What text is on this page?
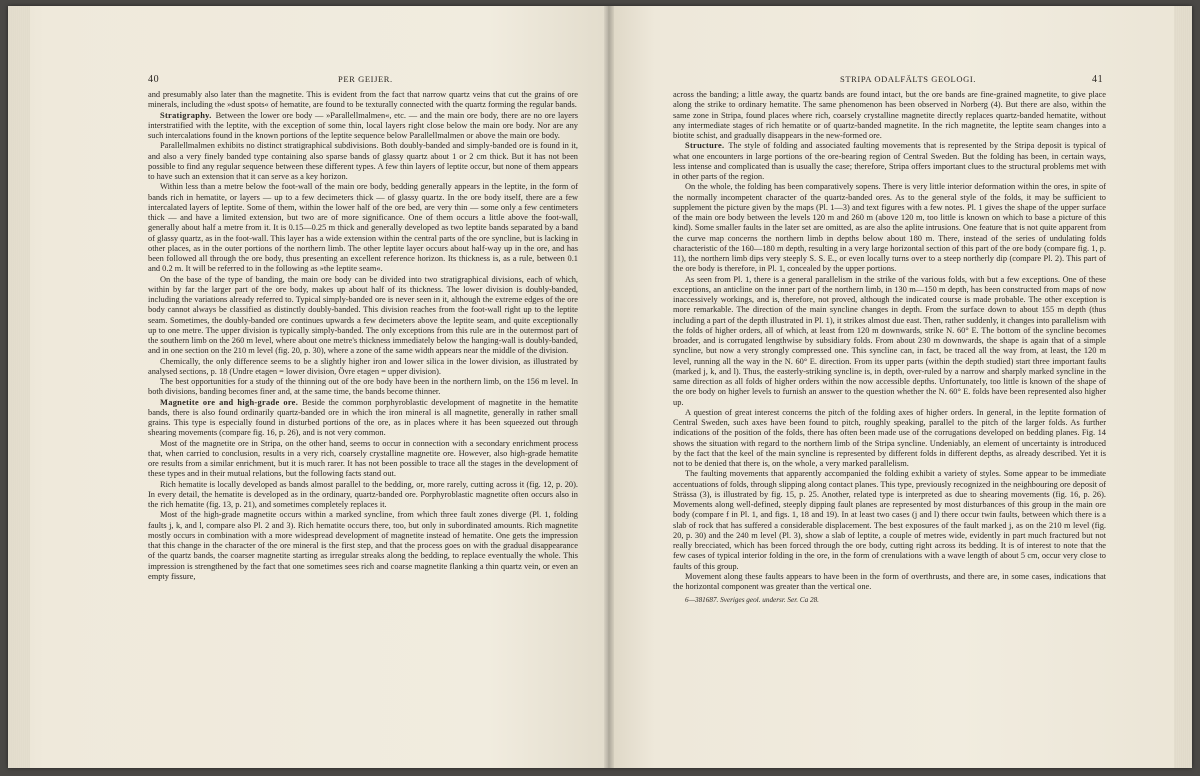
40	PER GEIJER.

and presumably also later than the magnetite. This is evident from the fact that narrow quartz veins that cut the grains of ore minerals, including the »dust spots« of hematite, are found to be texturally connected with the quartz forming the regular bands.

Stratigraphy. Between the lower ore body — »Parallellmalmen«, etc. — and the main ore body, there are no ore layers interstratified with the leptite, with the exception of some thin, local layers right close below the main ore body. Nor are any such intercalations found in the known portions of the leptite sequence below Parallellmalmen or above the main ore body.

Parallellmalmen exhibits no distinct stratigraphical subdivisions. Both doubly-banded and simply-banded ore is found in it, and also a very finely banded type containing also sparse bands of glassy quartz about 1 or 2 cm thick. But it has not been possible to find any regular sequence between these different types. A few thin layers of leptite occur, but none of them appears to have such an extension that it can serve as a key horizon.

Within less than a metre below the foot-wall of the main ore body, bedding generally appears in the leptite, in the form of bands rich in hematite, or layers — up to a few decimeters thick — of glassy quartz. In the ore body itself, there are a few intercalated layers of leptite. Some of them, within the lower half of the ore bed, are very thin — some only a few centimeters thick — and have a limited extension, but two are of more significance. One of them occurs a little above the foot-wall, generally about half a metre from it. It is 0.15—0.25 m thick and generally developed as two leptite bands separated by a band of glassy quartz, as in the foot-wall. This layer has a wide extension within the central parts of the ore syncline, but is lacking in other places, as in the outer portions of the northern limb. The other leptite layer occurs about half-way up in the ore, and has been followed all through the ore body, thus presenting an excellent reference horizon. Its thickness is, as a rule, between 0.1 and 0.2 m. It will be referred to in the following as »the leptite seam«.

On the base of the type of banding, the main ore body can be divided into two stratigraphical divisions, each of which, within by far the larger part of the ore body, makes up about half of its thickness. The lower division is doubly-banded, including the variations already referred to. Typical simply-banded ore is never seen in it, although the extreme edges of the ore body cannot always be classified as distinctly doubly-banded. This division reaches from the foot-wall right up to the leptite seam. Sometimes, the doubly-banded ore continues upwards a few decimeters above the leptite seam, and quite exceptionally up to one metre. The upper division is typically simply-banded. The only exceptions from this rule are in the outermost part of the southern limb on the 260 m level, where about one metre's thickness immediately below the hanging-wall is doubly-banded, and in one section on the 210 m level (fig. 20, p. 30), where a zone of the same width appears near the middle of the division.

Chemically, the only difference seems to be a slightly higher iron and lower silica in the lower division, as illustrated by analysed sections, p. 18 (Undre etagen = lower division, Övre etagen = upper division).

The best opportunities for a study of the thinning out of the ore body have been in the northern limb, on the 156 m level. In both divisions, banding becomes finer and, at the same time, the bands become thinner.

Magnetite ore and high-grade ore. Beside the common porphyroblastic development of magnetite in the hematite bands, there is also found ordinarily quartz-banded ore in which the iron mineral is all magnetite, generally in rather small grains. This type is especially found in disturbed portions of the ore, as in places where it has been squeezed out through shearing movements (compare fig. 16, p. 26), and is not very common.

Most of the magnetite ore in Stripa, on the other hand, seems to occur in connection with a secondary enrichment process that, when carried to conclusion, results in a very rich, coarsely crystalline magnetite ore. However, also high-grade hematite ore results from a similar enrichment, but it is much rarer. It has not been possible to trace all the stages in the development of these types and in their mutual relations, but the following facts stand out.

Rich hematite is locally developed as bands almost parallel to the bedding, or, more rarely, cutting across it (fig. 12, p. 20). In every detail, the hematite is developed as in the ordinary, quartz-banded ore. Porphyroblastic magnetite often occurs also in the rich hematite (fig. 13, p. 21), and sometimes completely replaces it.

Most of the high-grade magnetite occurs within a marked syncline, from which three fault zones diverge (Pl. 1, folding faults j, k, and l, compare also Pl. 2 and 3). Rich hematite occurs there, too, but only in subordinated amounts. Rich magnetite mostly occurs in combination with a more widespread development of magnetite instead of hematite. One gets the impression that this change in the character of the ore mineral is the first step, and that the process goes on with the gradual disappearance of the quartz bands, the coarser magnetite starting as irregular streaks along the bedding, to replace eventually the whole. This impression is strengthened by the fact that one sometimes sees rich and coarse magnetite flanking a thin quartz vein, or even an empty fissure,

STRIPA ODALFÄLTS GEOLOGI.	41

across the banding; a little away, the quartz bands are found intact, but the ore bands are fine-grained magnetite, to give place along the strike to ordinary hematite. The same phenomenon has been observed in Norberg (4). But there are also, within the same zone in Stripa, found places where rich, coarsely crystalline magnetite directly replaces quartz-banded hematite, without any intermediate stages of rich hematite or of quartz-banded magnetite. In the rich magnetite, the leptite seam changes into a biotite schist, and gradually disappears in the new-formed ore.

Structure. The style of folding and associated faulting movements that is represented by the Stripa deposit is typical of what one encounters in large portions of the ore-bearing region of Central Sweden. But the folding has been, in certain ways, less intense and complicated than is usually the case; therefore, Stripa offers important clues to the structural problems met with in other parts of the region.

On the whole, the folding has been comparatively sopens. There is very little interior deformation within the ores, in spite of the normally incompetent character of the quartz-banded ores. As to the general style of the folds, it may be sufficient to supplement the picture given by the maps (Pl. 1—3) and text figures with a few notes. Pl. 1 gives the shape of the upper surface of the main ore body between the levels 120 m and 260 m (above 120 m, too little is known on which to base a picture of this kind). Some smaller faults in the later set are omitted, as are also the aplite intrusions. One feature that is not quite apparent from the curve map concerns the northern limb in depths below about 180 m. There, instead of the series of undulating folds characteristic of the 160—180 m depth, resulting in a very large horizontal section of this part of the ore body (compare fig. 1, p. 11), the northern limb dips very steeply S. S. E., or even locally turns over to a steep northerly dip (compare Pl. 2). This part of the ore body is therefore, in Pl. 1, concealed by the upper portions.

As seen from Pl. 1, there is a general parallelism in the strike of the various folds, with but a few exceptions. One of these exceptions, an anticline on the inner part of the northern limb, in 130 m—150 m depth, has been constructed from maps of now inaccessively workings, and is, therefore, not proved, although the indicated course is made probable. The other exception is more remarkable. The direction of the main syncline changes in depth. From the surface down to about 155 m depth (thus including a part of the depth illustrated in Pl. 1), it strikes almost due east. Then, rather suddenly, it changes into parallelism with the folds of higher orders, all of which, at least from 120 m downwards, strike N. 60° E. The bottom of the syncline becomes broader, and is corrugated lengthwise by subsidiary folds. From about 230 m downwards, the shape is again that of a simple syncline, but now a very strongly compressed one. This syncline can, in fact, be traced all the way from, at least, the 120 m level, running all the way in the N. 60° E. direction. From its upper parts (within the depth studied) start three important faults (marked j, k, and l). Thus, the easterly-striking syncline is, in depth, over-ruled by a narrow and sharply marked syncline in the same direction as all folds of higher orders within the now accessible depths. Unfortunately, too little is known of the shape of the ore body on higher levels to furnish an answer to the question whether the N. 60° E. folds have been represented also higher up.

A question of great interest concerns the pitch of the folding axes of higher orders. In general, in the leptite formation of Central Sweden, such axes have been found to pitch, roughly speaking, parallel to the pitch of the larger folds. As further indications of the position of the folds, there has often been made use of the corrugations developed on bedding planes. Fig. 14 shows the situation with regard to the northern limb of the Stripa syncline. Undeniably, an element of uncertainty is introduced by the fact that the keel of the main syncline is represented by different folds in different depths, as already described. Yet it is not to be denied that there is, on the whole, a very marked parallelism.

The faulting movements that apparently accompanied the folding exhibit a variety of styles. Some appear to be immediate accentuations of folds, through slipping along contact planes. This type, previously recognized in the neighbouring ore deposit of Strässa (3), is illustrated by fig. 15, p. 25. Another, related type is interpreted as due to shearing movements (fig. 16, p. 26). Movements along well-defined, steeply dipping fault planes are represented by most disturbances of this group in the main ore body (compare f in Pl. 1, and figs. 1, 18 and 19). In at least two cases (j and l) there occur twin faults, between which there is a slab of rock that has suffered a considerable displacement. The best exposures of the fault marked j, as on the 210 m level (fig. 20, p. 30) and the 240 m level (Pl. 3), show a slab of leptite, a couple of metres wide, evidently in part much fractured but not really brecciated, which has been forced through the ore body, cutting right across its bedding. It is of interest to note that the few cases of typical interior folding in the ore, in the form of crenulations with a wave length of about 5 cm, occur very close to faults of this group.

Movement along these faults appears to have been in the form of overthrusts, and there are, in some cases, indications that the horizontal component was greater than the vertical one.

6—381687. Sveriges geol. undersr. Ser. Ca 28.
